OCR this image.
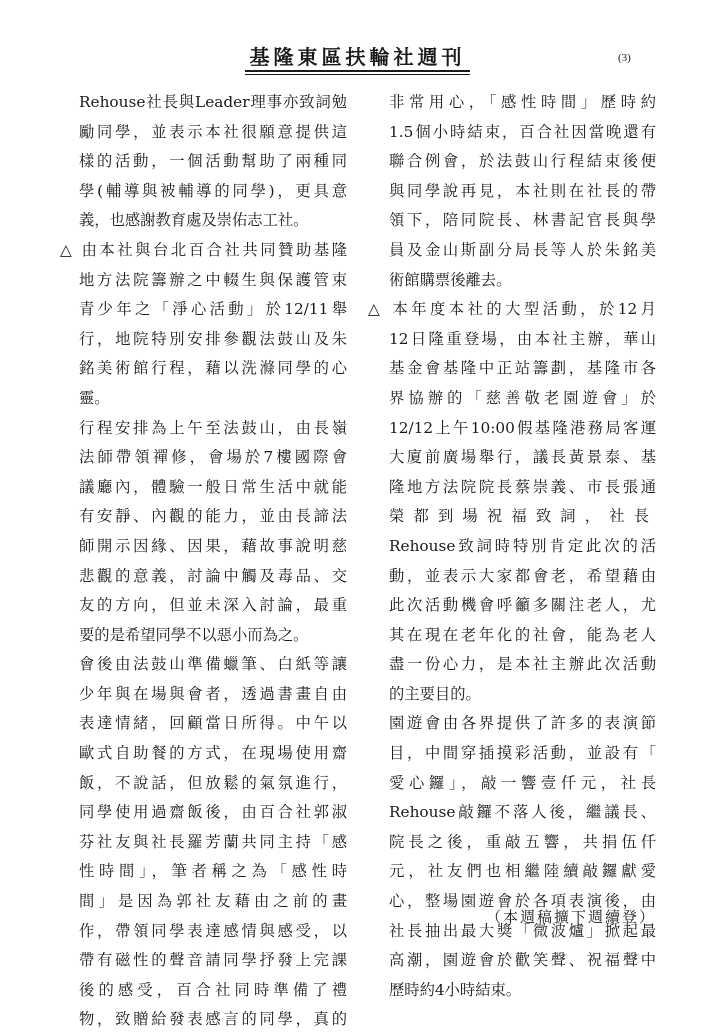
基隆東區扶輪社週刊	(3)
Rehouse社長與Leader理事亦致詞勉
勵同學，並表示本社很願意提供這
樣的活動，一個活動幫助了兩種同
學(輔導與被輔導的同學)，更具意
義，也感謝教育處及崇佑志工社。
△ 由本社與台北百合社共同贊助基隆
地方法院籌辦之中輟生與保護管束
青少年之「淨心活動」於12/11舉
行，地院特別安排參觀法鼓山及朱
銘美術館行程，藉以洗滌同學的心
靈。
行程安排為上午至法鼓山，由長嶺
法師帶領禪修，會場於7樓國際會
議廳內，體驗一般日常生活中就能
有安靜、內觀的能力，並由長諦法
師開示因緣、因果，藉故事說明慈
悲觀的意義，討論中觸及毒品、交
友的方向，但並未深入討論，最重
要的是希望同學不以惡小而為之。
會後由法鼓山準備蠟筆、白紙等讓
少年與在場與會者，透過書畫自由
表達情緒，回顧當日所得。中午以
歐式自助餐的方式，在現場使用齋
飯，不說話，但放鬆的氣氛進行，
同學使用過齋飯後，由百合社郭淑
芬社友與社長羅芳蘭共同主持「感
性時間」，筆者稱之為「感性時
間」是因為郭社友藉由之前的畫
作，帶領同學表達感情與感受，以
帶有磁性的聲音請同學抒發上完課
後的感受，百合社同時準備了禮
物，致贈給發表感言的同學，真的
非常用心，「感性時間」歷時約
1.5個小時結束，百合社因當晚還有
聯合例會，於法鼓山行程結束後便
與同學說再見，本社則在社長的帶
領下，陪同院長、林書記官長與學
員及金山斯副分局長等人於朱銘美
術館購票後離去。
△ 本年度本社的大型活動，於12月
12日隆重登場，由本社主辦，華山
基金會基隆中正站籌劃，基隆市各
界協辦的「慈善敬老園遊會」於
12/12上午10:00假基隆港務局客運
大廈前廣場舉行，議長黃景泰、基
隆地方法院院長蔡崇義、市長張通
榮都到場祝福致詞，社長
Rehouse致詞時特別肯定此次的活
動，並表示大家都會老，希望藉由
此次活動機會呼籲多關注老人，尤
其在現在老年化的社會，能為老人
盡一份心力，是本社主辦此次活動
的主要目的。
園遊會由各界提供了許多的表演節
目，中間穿插摸彩活動，並設有「
愛心鑼」，敲一響壹仟元，社長
Rehouse敲鑼不落人後，繼議長、
院長之後，重敲五響，共捐伍仟
元，社友們也相繼陸續敲鑼獻愛
心，整場園遊會於各項表演後，由
社長抽出最大獎「微波爐」掀起最
高潮，園遊會於歡笑聲、祝福聲中
歷時約4小時結束。
（本週稿擴下週續登）
